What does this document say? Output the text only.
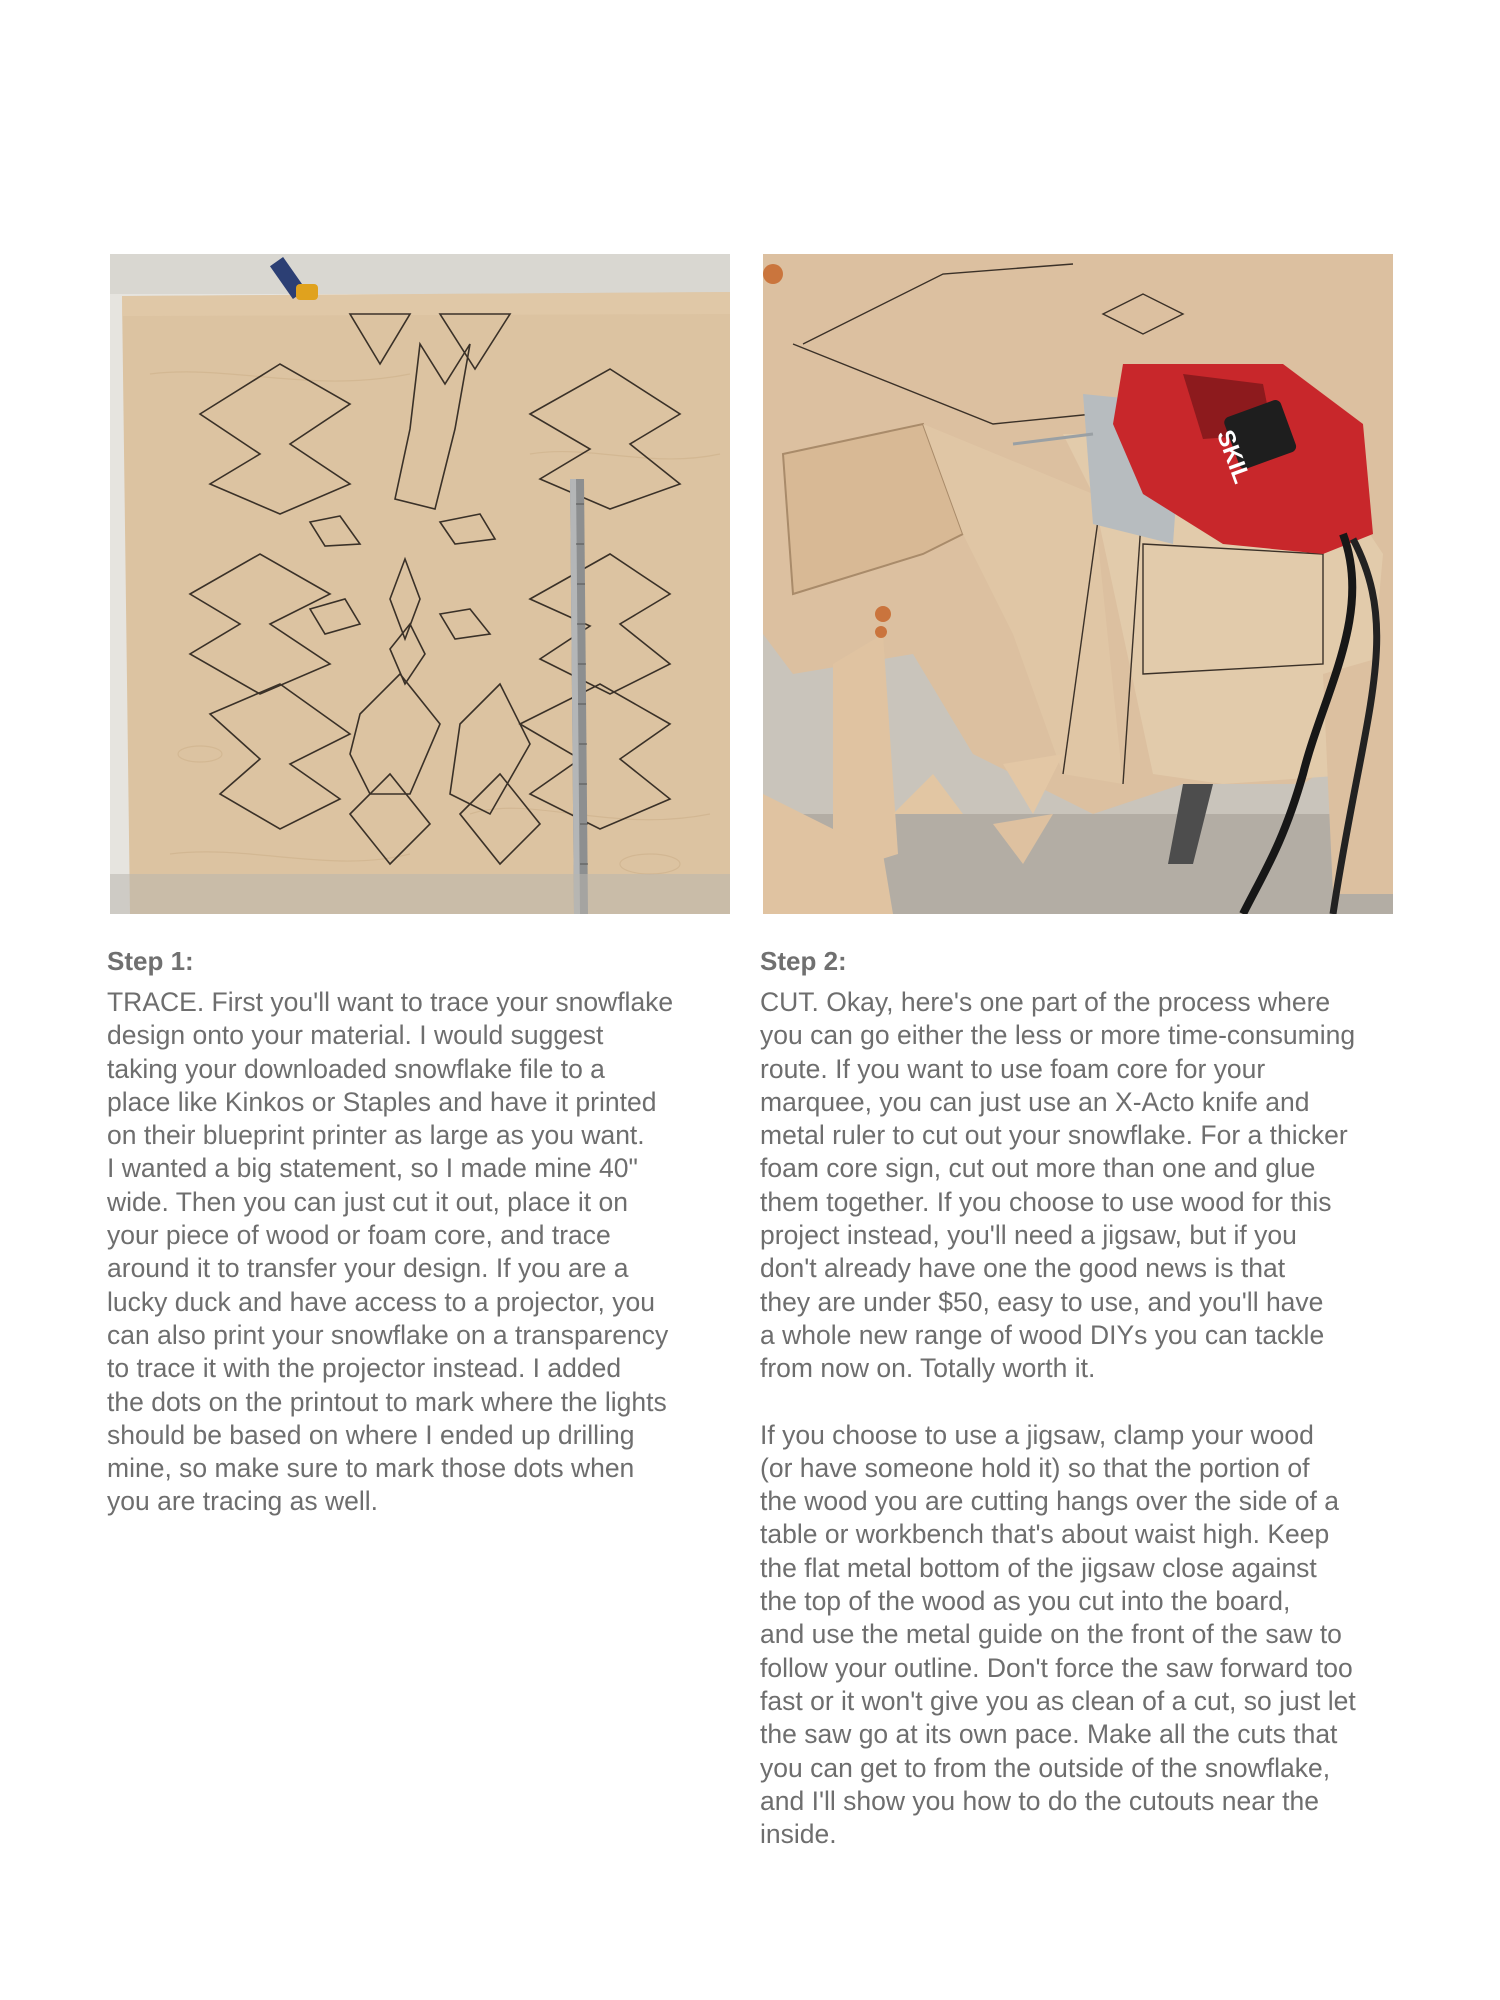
Step 1:
TRACE. First you'll want to trace your snowflake
design onto your material. I would suggest
taking your downloaded snowflake file to a
place like Kinkos or Staples and have it printed
on their blueprint printer as large as you want.
I wanted a big statement, so I made mine 40"
wide. Then you can just cut it out, place it on
your piece of wood or foam core, and trace
around it to transfer your design. If you are a
lucky duck and have access to a projector, you
can also print your snowflake on a transparency
to trace it with the projector instead. I added
the dots on the printout to mark where the lights
should be based on where I ended up drilling
mine, so make sure to mark those dots when
you are tracing as well.
SKIL
Step 2:
CUT. Okay, here's one part of the process where
you can go either the less or more time-consuming
route. If you want to use foam core for your
marquee, you can just use an X-Acto knife and
metal ruler to cut out your snowflake. For a thicker
foam core sign, cut out more than one and glue
them together. If you choose to use wood for this
project instead, you'll need a jigsaw, but if you
don't already have one the good news is that
they are under $50, easy to use, and you'll have
a whole new range of wood DIYs you can tackle
from now on. Totally worth it.
If you choose to use a jigsaw, clamp your wood
(or have someone hold it) so that the portion of
the wood you are cutting hangs over the side of a
table or workbench that's about waist high. Keep
the flat metal bottom of the jigsaw close against
the top of the wood as you cut into the board,
and use the metal guide on the front of the saw to
follow your outline. Don't force the saw forward too
fast or it won't give you as clean of a cut, so just let
the saw go at its own pace. Make all the cuts that
you can get to from the outside of the snowflake,
and I'll show you how to do the cutouts near the
inside.
